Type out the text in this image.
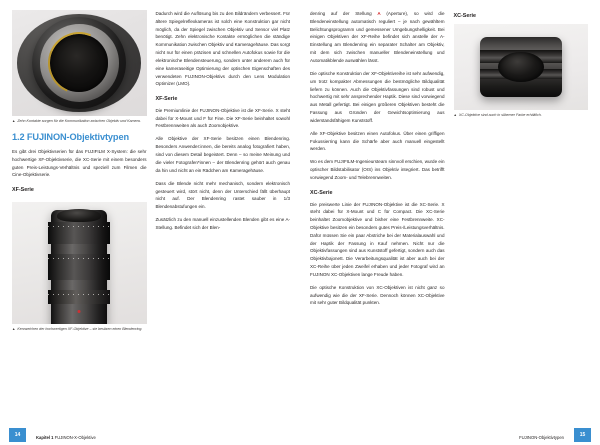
▲ Zehn Kontakte sorgen für die Kommunikation zwischen Objektiv und Kamera.
1.2 FUJINON-Objektivtypen

Es gibt drei Objektivserien für das FUJIFILM X-System: die sehr hochwertige XF-Objektivserie, die XC-Serie mit einem besonders guten Preis-Leistungs-Verhältnis und speziell zum Filmen die Cine-Objektivserie.

XF-Serie
▲ Kennzeichen der hochwertigen XF-Objektive – sie besitzen einen Blendenring.

Dadurch wird die Auflösung bis zu den Bildrändern verbessert. Für ältere Spiegelreflexkameras ist solch eine Konstruktion gar nicht möglich, da der Spiegel zwischen Objektiv und Sensor viel Platz benötigt. Zehn elektronische Kontakte ermöglichen die ständige Kommunikation zwischen Objektiv und Kameragehäuse. Das sorgt nicht nur für einen präzisen und schnellen Autofokus sowie für die elektronische Blendensteuerung, sondern unter anderem auch für eine kameraseitige Optimierung der optischen Eigenschaften des verwendeten FUJINON-Objektivs durch den Lens Modulation Optimizer (LMO).

XF-Serie

Die Premiumlinie der FUJINON-Objektive ist die XF-Serie. X steht dabei für X-Mount und F für Fine. Die XF-Serie beinhaltet sowohl Festbrennweiten als auch Zoomobjektive.

Alle Objektive der XF-Serie besitzen einen Blendenring. Besonders Anwender:innen, die bereits analog fotografiert haben, sind von diesem Detail begeistert. Denn – so meine Meinung und die vieler Fotografen*innen – der Blendenring gehört auch genau da hin und nicht an ein Rädchen am Kameragehäuse.

Dass die Blende nicht mehr mechanisch, sondern elektronisch gesteuert wird, stört nicht, denn der Unterschied fällt überhaupt nicht auf. Der Blendenring rastet sauber in 1/3 Blendenabstufungen ein.

Zusätzlich zu den manuell einzustellenden Blenden gibt es eine A-Stellung. Befindet sich der Blen-

14	Kapitel 1 FUJINON-X-Objektive

denring auf der Stellung A (Aperture), so wird die Blendeneinstellung automatisch reguliert – je nach gewähltem Belichtungsprogramm und gemessener Umgebungshelligkeit. Bei einigen Objektiven der XF-Reihe befindet sich anstelle der A-Einstellung am Blendenring ein separater Schalter am Objektiv, mit dem sich zwischen manueller Blendeneinstellung und Automatikblende auswählen lässt.

Die optische Konstruktion der XF-Objektivreihe ist sehr aufwendig, um trotz kompakter Abmessungen die bestmögliche Bildqualität liefern zu können. Auch die Objektivfassungen sind robust und hochwertig mit sehr ansprechender Haptik. Diese sind vorwiegend aus Metall gefertigt. Bei einigen größeren Objektiven besteht die Fassung aus Gründen der Gewichtsoptimierung aus widerstandsfähigem Kunststoff.

Alle XF-Objektive besitzen einen Autofokus. Über einen griffigen Fokussierring kann die Schärfe aber auch manuell eingestellt werden.

Wo es dem FUJIFILM-Ingenieursteam sinnvoll erschien, wurde ein optischer Bildstabilisator (OIS) ins Objektiv integriert. Das betrifft vorwiegend Zoom- und Telebrennweiten.

XC-Serie

Die preiswerte Linie der FUJINON-Objektive ist die XC-Serie. X steht dabei für X-Mount und C für Compact. Die XC-Serie beinhaltet Zoomobjektive und bisher eine Festbrennweite. XC-Objektive besitzen ein besonders gutes Preis-/Leistungsverhältnis. Dafür müssen Sie ein paar Abstriche bei der Materialauswahl und der Haptik der Fassung in Kauf nehmen. Nicht nur die Objektivfassungen sind aus Kunststoff gefertigt, sondern auch das Objektivbajonett. Die Verarbeitungsqualität ist aber auch bei der XC-Reihe über jeden Zweifel erhaben und jeder Fotograf wird an FUJINON XC-Objektiven lange Freude haben.

Die optische Konstruktion von XC-Objektiven ist nicht ganz so aufwendig wie die der XF-Serie. Dennoch können XC-Objektive mit sehr guter Bildqualität punkten.

XC-Serie
▲ XC-Objektive sind auch in silberner Farbe erhältlich.
FUJINON-Objektivtypen	15
